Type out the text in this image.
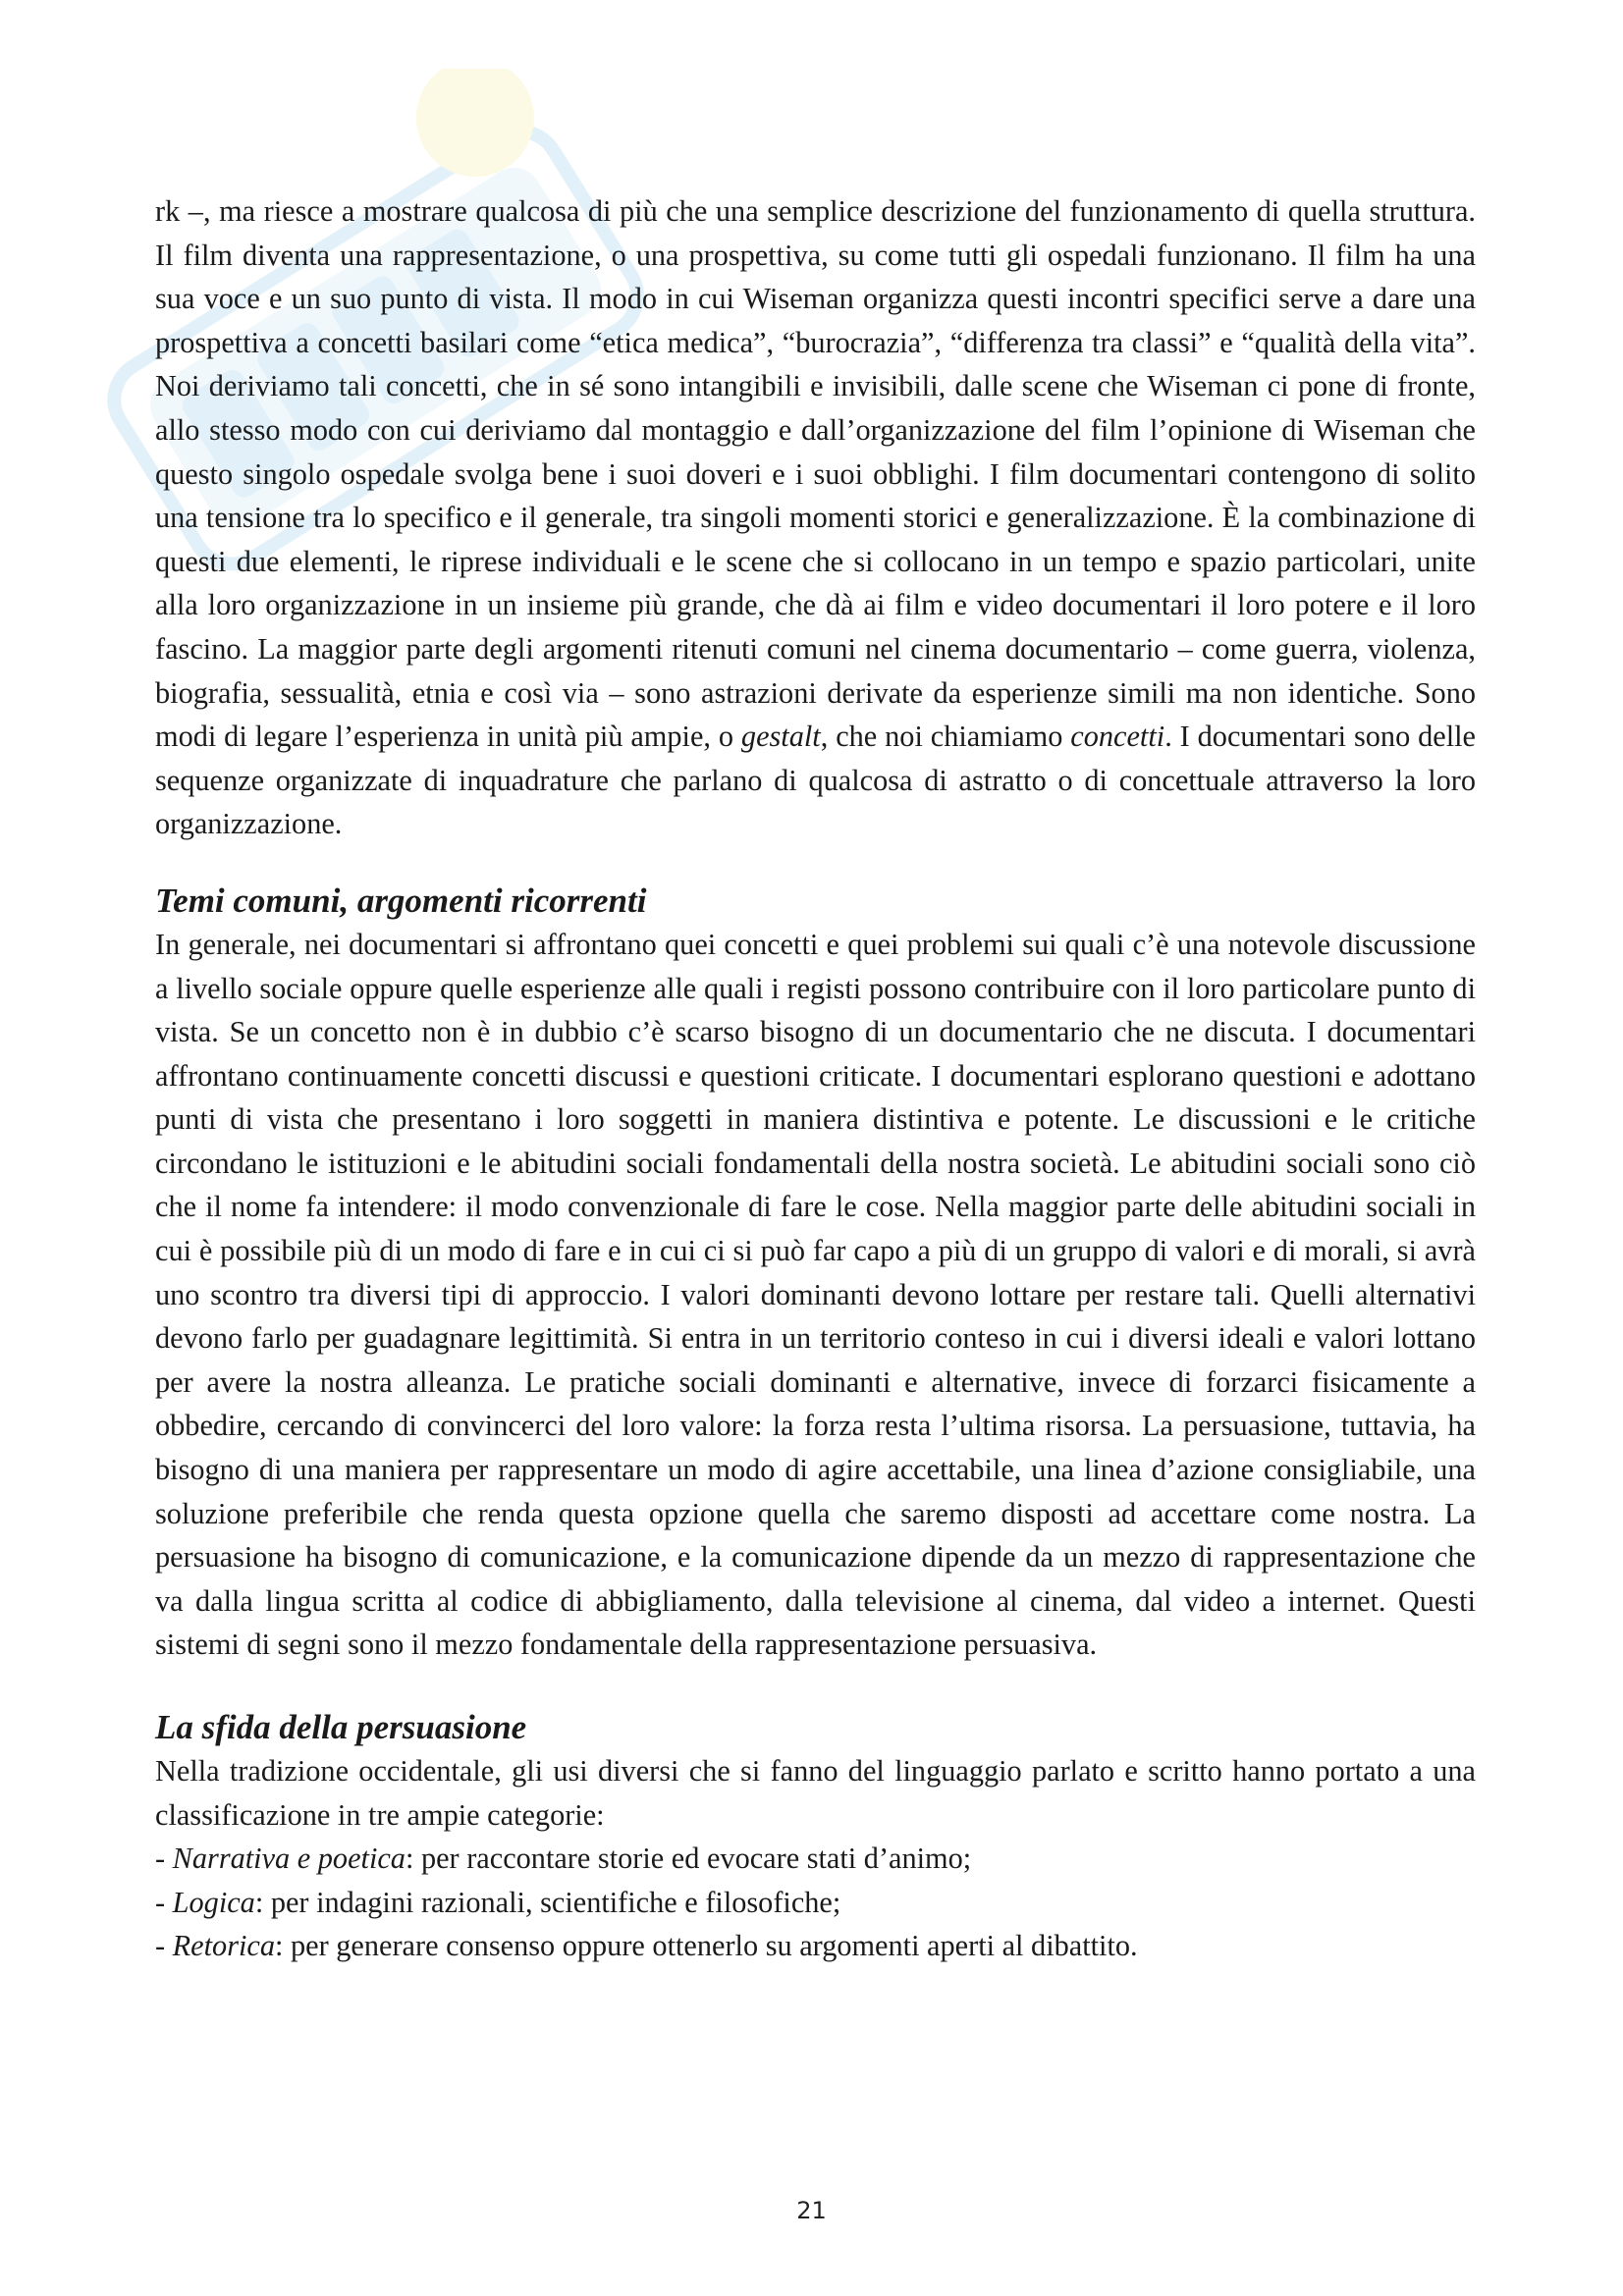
rk –, ma riesce a mostrare qualcosa di più che una semplice descrizione del funzionamento di quella struttura. Il film diventa una rappresentazione, o una prospettiva, su come tutti gli ospedali funzionano. Il film ha una sua voce e un suo punto di vista. Il modo in cui Wiseman organizza questi incontri specifici serve a dare una prospettiva a concetti basilari come “etica medica”, “burocrazia”, “differenza tra classi” e “qualità della vita”. Noi deriviamo tali concetti, che in sé sono intangibili e invisibili, dalle scene che Wiseman ci pone di fronte, allo stesso modo con cui deriviamo dal montaggio e dall’organizzazione del film l’opinione di Wiseman che questo singolo ospedale svolga bene i suoi doveri e i suoi obblighi. I film documentari contengono di solito una tensione tra lo specifico e il generale, tra singoli momenti storici e generalizzazione. È la combinazione di questi due elementi, le riprese individuali e le scene che si collocano in un tempo e spazio particolari, unite alla loro organizzazione in un insieme più grande, che dà ai film e video documentari il loro potere e il loro fascino. La maggior parte degli argomenti ritenuti comuni nel cinema documentario – come guerra, violenza, biografia, sessualità, etnia e così via – sono astrazioni derivate da esperienze simili ma non identiche. Sono modi di legare l’esperienza in unità più ampie, o gestalt, che noi chiamiamo concetti. I documentari sono delle sequenze organizzate di inquadrature che parlano di qualcosa di astratto o di concettuale attraverso la loro organizzazione.

Temi comuni, argomenti ricorrenti

In generale, nei documentari si affrontano quei concetti e quei problemi sui quali c’è una notevole discussione a livello sociale oppure quelle esperienze alle quali i registi possono contribuire con il loro particolare punto di vista. Se un concetto non è in dubbio c’è scarso bisogno di un documentario che ne discuta. I documentari affrontano continuamente concetti discussi e questioni criticate. I documentari esplorano questioni e adottano punti di vista che presentano i loro soggetti in maniera distintiva e potente. Le discussioni e le critiche circondano le istituzioni e le abitudini sociali fondamentali della nostra società. Le abitudini sociali sono ciò che il nome fa intendere: il modo convenzionale di fare le cose. Nella maggior parte delle abitudini sociali in cui è possibile più di un modo di fare e in cui ci si può far capo a più di un gruppo di valori e di morali, si avrà uno scontro tra diversi tipi di approccio. I valori dominanti devono lottare per restare tali. Quelli alternativi devono farlo per guadagnare legittimità. Si entra in un territorio conteso in cui i diversi ideali e valori lottano per avere la nostra alleanza. Le pratiche sociali dominanti e alternative, invece di forzarci fisicamente a obbedire, cercando di convincerci del loro valore: la forza resta l’ultima risorsa. La persuasione, tuttavia, ha bisogno di una maniera per rappresentare un modo di agire accettabile, una linea d’azione consigliabile, una soluzione preferibile che renda questa opzione quella che saremo disposti ad accettare come nostra. La persuasione ha bisogno di comunicazione, e la comunicazione dipende da un mezzo di rappresentazione che va dalla lingua scritta al codice di abbigliamento, dalla televisione al cinema, dal video a internet. Questi sistemi di segni sono il mezzo fondamentale della rappresentazione persuasiva.

La sfida della persuasione

Nella tradizione occidentale, gli usi diversi che si fanno del linguaggio parlato e scritto hanno portato a una classificazione in tre ampie categorie:

- Narrativa e poetica: per raccontare storie ed evocare stati d’animo;

- Logica: per indagini razionali, scientifiche e filosofiche;

- Retorica: per generare consenso oppure ottenerlo su argomenti aperti al dibattito.

21
